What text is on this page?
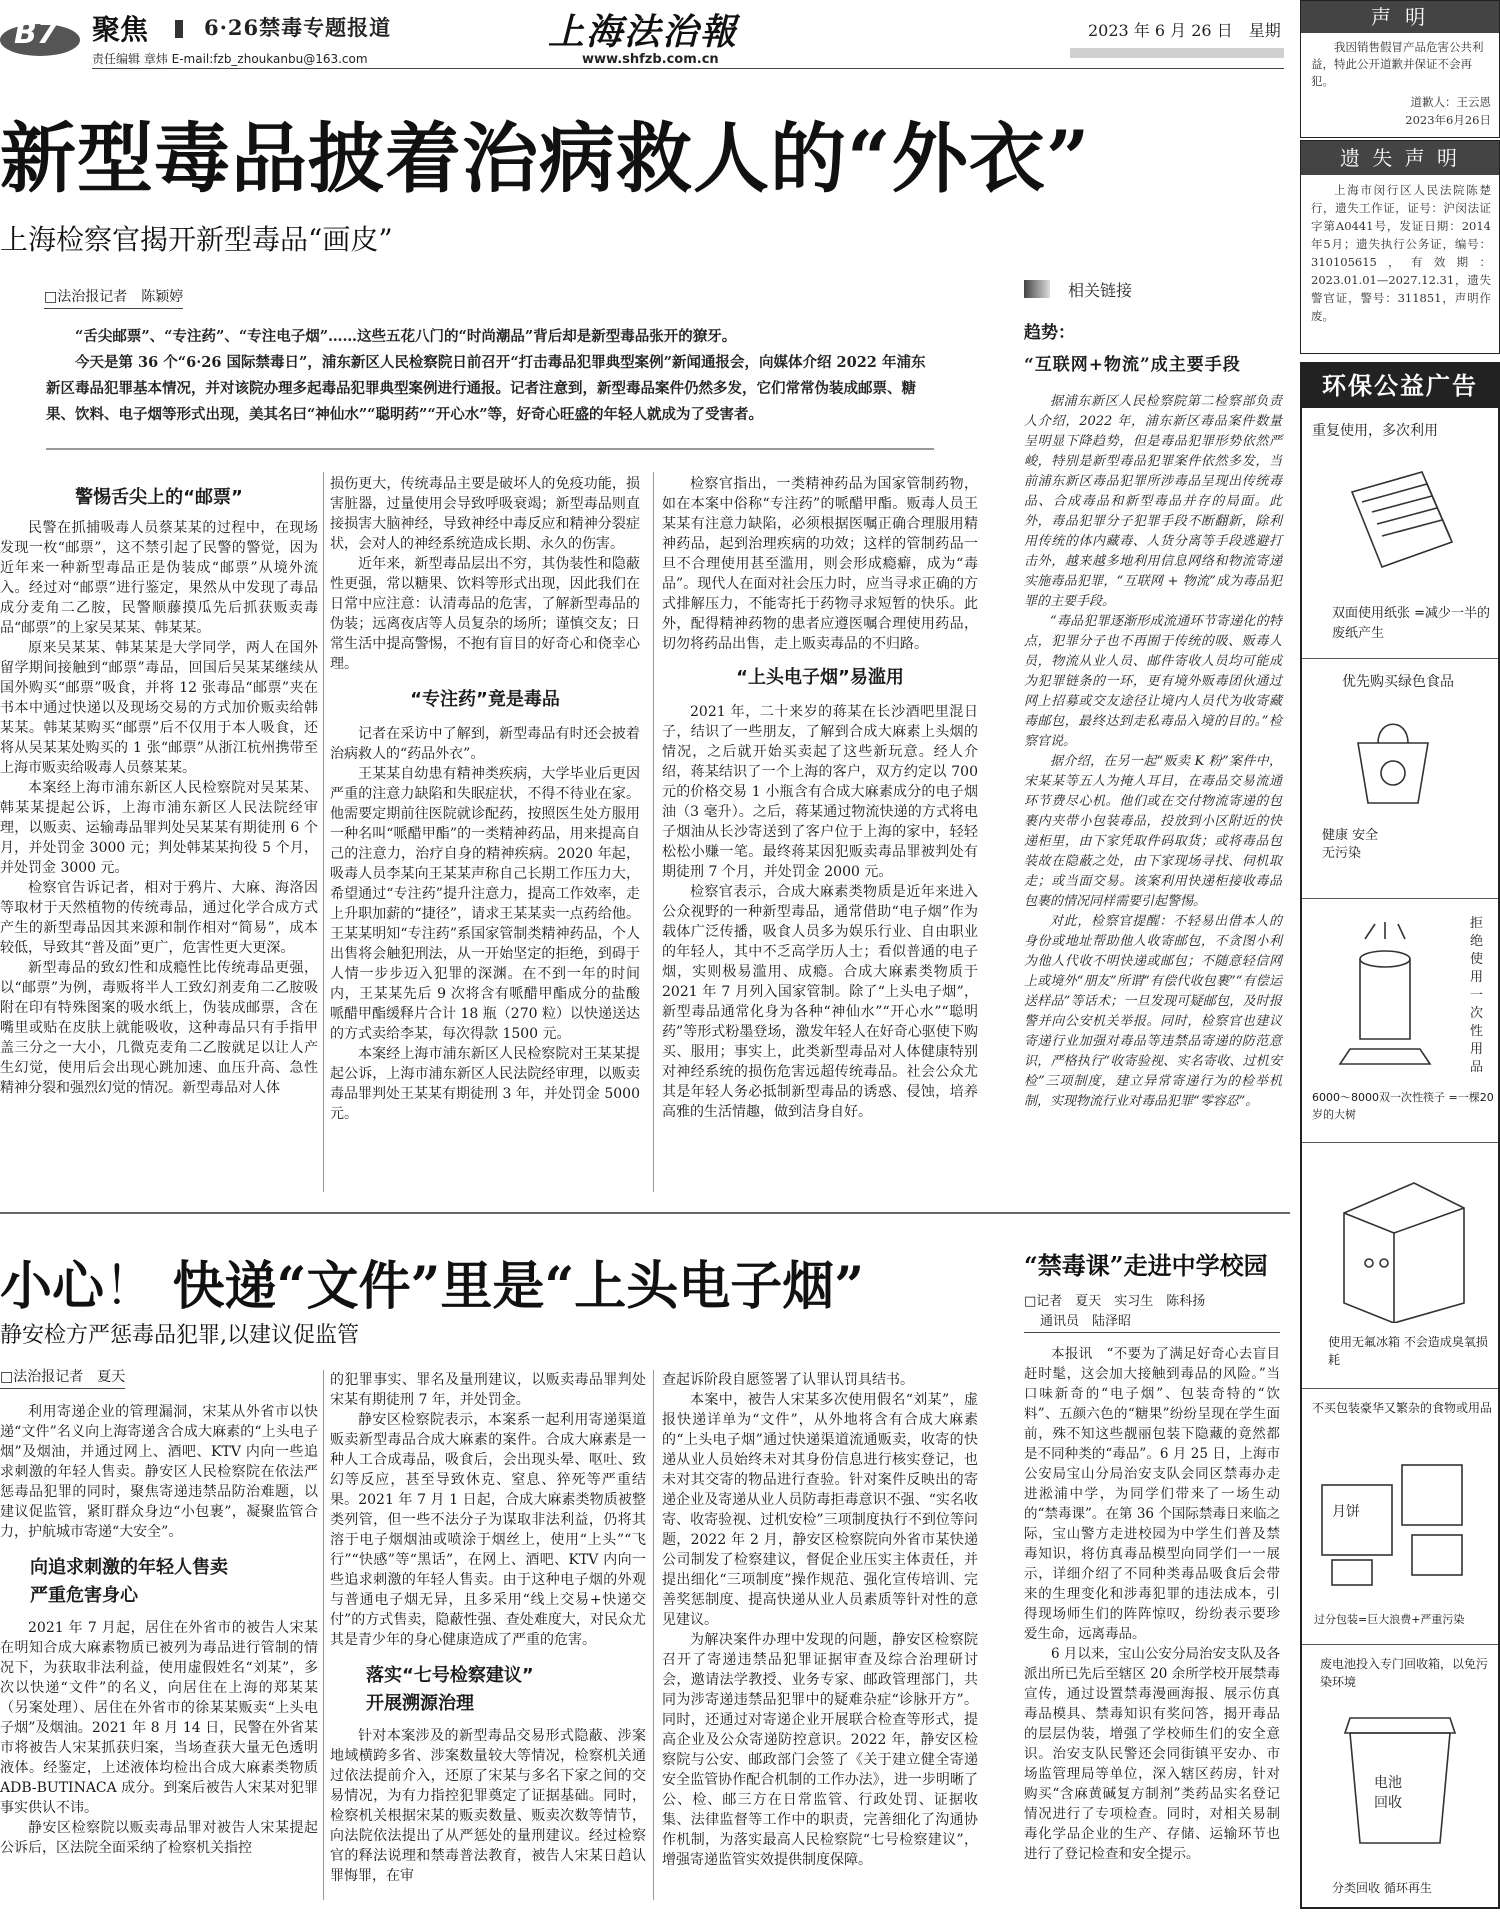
B7 聚焦	6·26禁毒专题报道
责任编辑 章炜 E-mail:fzb_zhoukanbu@163.com
上海法治報
www.shfzb.com.cn
2023 年 6 月 26 日　星期
声 明
我因销售假冒产品危害公共利益，特此公开道歉并保证不会再犯。
道歉人：王云恩
2023年6月26日
遗 失 声 明
上海市闵行区人民法院陈楚行，遗失工作证，证号：沪闵法证字第A0441号，发证日期：2014年5月；遗失执行公务证，编号：310105615，有效期：2023.01.01—2027.12.31，遗失警官证，警号：311851，声明作废。
环保公益广告
重复使用，多次利用
双面使用纸张 =减少一半的废纸产生
优先购买绿色食品
健康 安全 无污染
拒绝使用一次性用品
6000～8000双一次性筷子 =一棵20岁的大树
使用无氟冰箱 不会造成臭氧损耗
不买包装豪华又繁杂的食物或用品
月饼
过分包装=巨大浪费+严重污染
废电池投入专门回收箱，以免污染环境
电池 回收
分类回收 循环再生
新型毒品披着治病救人的“外衣”
上海检察官揭开新型毒品“画皮”
□法治报记者　陈颖婷

“舌尖邮票”、“专注药”、“专注电子烟”……这些五花八门的“时尚潮品”背后却是新型毒品张开的獠牙。

今天是第 36 个“6·26 国际禁毒日”，浦东新区人民检察院日前召开“打击毒品犯罪典型案例”新闻通报会，向媒体介绍 2022 年浦东新区毒品犯罪基本情况，并对该院办理多起毒品犯罪典型案例进行通报。记者注意到，新型毒品案件仍然多发，它们常常伪装成邮票、糖果、饮料、电子烟等形式出现，美其名曰“神仙水”“聪明药”“开心水”等，好奇心旺盛的年轻人就成为了受害者。

警惕舌尖上的“邮票”

民警在抓捕吸毒人员蔡某某的过程中，在现场发现一枚“邮票”，这不禁引起了民警的警觉，因为近年来一种新型毒品正是伪装成“邮票”从境外流入。经过对“邮票”进行鉴定，果然从中发现了毒品成分麦角二乙胺，民警顺藤摸瓜先后抓获贩卖毒品“邮票”的上家吴某某、韩某某。

原来吴某某、韩某某是大学同学，两人在国外留学期间接触到“邮票”毒品，回国后吴某某继续从国外购买“邮票”吸食，并将 12 张毒品“邮票”夹在书本中通过快递以及现场交易的方式加价贩卖给韩某某。韩某某购买“邮票”后不仅用于本人吸食，还将从吴某某处购买的 1 张“邮票”从浙江杭州携带至上海市贩卖给吸毒人员蔡某某。

本案经上海市浦东新区人民检察院对吴某某、韩某某提起公诉，上海市浦东新区人民法院经审理，以贩卖、运输毒品罪判处吴某某有期徒刑 6 个月，并处罚金 3000 元；判处韩某某拘役 5 个月，并处罚金 3000 元。

检察官告诉记者，相对于鸦片、大麻、海洛因等取材于天然植物的传统毒品，通过化学合成方式产生的新型毒品因其来源和制作相对“简易”，成本较低，导致其“普及面”更广，危害性更大更深。

新型毒品的致幻性和成瘾性比传统毒品更强，以“邮票”为例，毒贩将半人工致幻剂麦角二乙胺吸附在印有特殊图案的吸水纸上，伪装成邮票，含在嘴里或贴在皮肤上就能吸收，这种毒品只有手指甲盖三分之一大小，几微克麦角二乙胺就足以让人产生幻觉，使用后会出现心跳加速、血压升高、急性精神分裂和强烈幻觉的情况。新型毒品对人体

损伤更大，传统毒品主要是破坏人的免疫功能，损害脏器，过量使用会导致呼吸衰竭；新型毒品则直接损害大脑神经，导致神经中毒反应和精神分裂症状，会对人的神经系统造成长期、永久的伤害。

近年来，新型毒品层出不穷，其伪装性和隐蔽性更强，常以糖果、饮料等形式出现，因此我们在日常中应注意：认清毒品的危害，了解新型毒品的伪装；远离夜店等人员复杂的场所；谨慎交友；日常生活中提高警惕，不抱有盲目的好奇心和侥幸心理。

“专注药”竟是毒品

记者在采访中了解到，新型毒品有时还会披着治病救人的“药品外衣”。

王某某自幼患有精神类疾病，大学毕业后更因严重的注意力缺陷和失眠症状，不得不待业在家。他需要定期前往医院就诊配药，按照医生处方服用一种名叫“哌醋甲酯”的一类精神药品，用来提高自己的注意力，治疗自身的精神疾病。2020 年起，吸毒人员李某向王某某声称自己长期工作压力大，希望通过“专注药”提升注意力，提高工作效率，走上升职加薪的“捷径”，请求王某某卖一点药给他。王某某明知“专注药”系国家管制类精神药品，个人出售将会触犯刑法，从一开始坚定的拒绝，到碍于人情一步步迈入犯罪的深渊。在不到一年的时间内，王某某先后 9 次将含有哌醋甲酯成分的盐酸哌醋甲酯缓释片合计 18 瓶（270 粒）以快递送达的方式卖给李某，每次得款 1500 元。

本案经上海市浦东新区人民检察院对王某某提起公诉，上海市浦东新区人民法院经审理，以贩卖毒品罪判处王某某有期徒刑 3 年，并处罚金 5000 元。

检察官指出，一类精神药品为国家管制药物，如在本案中俗称“专注药”的哌醋甲酯。贩毒人员王某某有注意力缺陷，必须根据医嘱正确合理服用精神药品，起到治理疾病的功效；这样的管制药品一旦不合理使用甚至滥用，则会形成瘾癖，成为“毒品”。现代人在面对社会压力时，应当寻求正确的方式排解压力，不能寄托于药物寻求短暂的快乐。此外，配得精神药物的患者应遵医嘱合理使用药品，切勿将药品出售，走上贩卖毒品的不归路。

“上头电子烟”易滥用

2021 年，二十来岁的蒋某在长沙酒吧里混日子，结识了一些朋友，了解到合成大麻素上头烟的情况，之后就开始买卖起了这些新玩意。经人介绍，蒋某结识了一个上海的客户，双方约定以 700 元的价格交易 1 小瓶含有合成大麻素成分的电子烟油（3 毫升）。之后，蒋某通过物流快递的方式将电子烟油从长沙寄送到了客户位于上海的家中，轻轻松松小赚一笔。最终蒋某因犯贩卖毒品罪被判处有期徒刑 7 个月，并处罚金 2000 元。

检察官表示，合成大麻素类物质是近年来进入公众视野的一种新型毒品，通常借助“电子烟”作为载体广泛传播，吸食人员多为娱乐行业、自由职业的年轻人，其中不乏高学历人士；看似普通的电子烟，实则极易滥用、成瘾。合成大麻素类物质于 2021 年 7 月列入国家管制。除了“上头电子烟”，新型毒品通常化身为各种“神仙水”“开心水”“聪明药”等形式粉墨登场，激发年轻人在好奇心驱使下购买、服用；事实上，此类新型毒品对人体健康特别对神经系统的损伤危害远超传统毒品。社会公众尤其是年轻人务必抵制新型毒品的诱惑、侵蚀，培养高雅的生活情趣，做到洁身自好。

相关链接
趋势：
“互联网+物流”成主要手段

据浦东新区人民检察院第二检察部负责人介绍，2022 年，浦东新区毒品案件数量呈明显下降趋势，但是毒品犯罪形势依然严峻，特别是新型毒品犯罪案件依然多发，当前浦东新区毒品犯罪所涉毒品呈现出传统毒品、合成毒品和新型毒品并存的局面。此外，毒品犯罪分子犯罪手段不断翻新，除利用传统的体内藏毒、人货分离等手段逃避打击外，越来越多地利用信息网络和物流寄递实施毒品犯罪，“互联网 + 物流”成为毒品犯罪的主要手段。

“毒品犯罪逐渐形成流通环节寄递化的特点，犯罪分子也不再囿于传统的吸、贩毒人员，物流从业人员、邮件寄收人员均可能成为犯罪链条的一环，更有境外贩毒团伙通过网上招募或交友途径让境内人员代为收寄藏毒邮包，最终达到走私毒品入境的目的。”检察官说。

据介绍，在另一起“贩卖 K 粉”案件中，宋某某等五人为掩人耳目，在毒品交易流通环节费尽心机。他们或在交付物流寄递的包裹内夹带小包装毒品，投放到小区附近的快递柜里，由下家凭取件码取货；或将毒品包装故在隐蔽之处，由下家现场寻找、伺机取走；或当面交易。该案利用快递柜接收毒品包裹的情况同样需要引起警惕。

对此，检察官提醒：不轻易出借本人的身份或地址帮助他人收寄邮包，不贪图小利为他人代收不明快递或邮包；不随意轻信网上或境外“朋友”所谓“有偿代收包裹”“有偿运送样品”等话术；一旦发现可疑邮包，及时报警并向公安机关举报。同时，检察官也建议寄递行业加强对毒品等违禁品寄递的防范意识，严格执行“收寄验视、实名寄收、过机安检”三项制度，建立异常寄递行为的检举机制，实现物流行业对毒品犯罪“零容忍”。

小心！ 快递“文件”里是“上头电子烟”
静安检方严惩毒品犯罪,以建议促监管
□法治报记者　夏天

利用寄递企业的管理漏洞，宋某从外省市以快递“文件”名义向上海寄递含合成大麻素的“上头电子烟”及烟油，并通过网上、酒吧、KTV 内向一些追求刺激的年轻人售卖。静安区人民检察院在依法严惩毒品犯罪的同时，聚焦寄递违禁品防治难题，以建议促监管，紧盯群众身边“小包裹”，凝聚监管合力，护航城市寄递“大安全”。

向追求刺激的年轻人售卖
严重危害身心

2021 年 7 月起，居住在外省市的被告人宋某在明知合成大麻素物质已被列为毒品进行管制的情况下，为获取非法利益，使用虚假姓名“刘某”，多次以快递“文件”的名义，向居住在上海的郑某某（另案处理）、居住在外省市的徐某某贩卖“上头电子烟”及烟油。2021 年 8 月 14 日，民警在外省某市将被告人宋某抓获归案，当场查获大量无色透明液体。经鉴定，上述液体均检出合成大麻素类物质 ADB-BUTINACA 成分。到案后被告人宋某对犯罪事实供认不讳。

静安区检察院以贩卖毒品罪对被告人宋某提起公诉后，区法院全面采纳了检察机关指控

的犯罪事实、罪名及量刑建议，以贩卖毒品罪判处宋某有期徒刑 7 年，并处罚金。

静安区检察院表示，本案系一起利用寄递渠道贩卖新型毒品合成大麻素的案件。合成大麻素是一种人工合成毒品，吸食后，会出现头晕、呕吐、致幻等反应，甚至导致休克、窒息、猝死等严重结果。2021 年 7 月 1 日起，合成大麻素类物质被整类列管，但一些不法分子为谋取非法利益，仍将其溶于电子烟烟油或喷涂于烟丝上，使用“上头”“飞行”“快感”等“黑话”，在网上、酒吧、KTV 内向一些追求刺激的年轻人售卖。由于这种电子烟的外观与普通电子烟无异，且多采用“线上交易+快递交付”的方式售卖，隐蔽性强、查处难度大，对民众尤其是青少年的身心健康造成了严重的危害。

落实“七号检察建议”
开展溯源治理

针对本案涉及的新型毒品交易形式隐蔽、涉案地域横跨多省、涉案数量较大等情况，检察机关通过依法提前介入，还原了宋某与多名下家之间的交易情况，为有力指控犯罪奠定了证据基础。同时，检察机关根据宋某的贩卖数量、贩卖次数等情节，向法院依法提出了从严惩处的量刑建议。经过检察官的释法说理和禁毒普法教育，被告人宋某日趋认罪悔罪，在审

查起诉阶段自愿签署了认罪认罚具结书。

本案中，被告人宋某多次使用假名“刘某”，虚报快递详单为“文件”，从外地将含有合成大麻素的“上头电子烟”通过快递渠道流通贩卖，收寄的快递从业人员始终未对其身份信息进行核实登记，也未对其交寄的物品进行查验。针对案件反映出的寄递企业及寄递从业人员防毒拒毒意识不强、“实名收寄、收寄验视、过机安检”三项制度执行不到位等问题，2022 年 2 月，静安区检察院向外省市某快递公司制发了检察建议，督促企业压实主体责任，并提出细化“三项制度”操作规范、强化宣传培训、完善奖惩制度、提高快递从业人员素质等针对性的意见建议。

为解决案件办理中发现的问题，静安区检察院召开了寄递违禁品犯罪证据审查及综合治理研讨会，邀请法学教授、业务专家、邮政管理部门，共同为涉寄递违禁品犯罪中的疑难杂症“诊脉开方”。同时，还通过对寄递企业开展联合检查等形式，提高企业及公众寄递防控意识。2022 年，静安区检察院与公安、邮政部门会签了《关于建立健全寄递安全监管协作配合机制的工作办法》，进一步明晰了公、检、邮三方在日常监管、行政处罚、证据收集、法律监督等工作中的职责，完善细化了沟通协作机制，为落实最高人民检察院“七号检察建议”，增强寄递监管实效提供制度保障。

“禁毒课”走进中学校园
□记者　夏天　实习生　陈科扬
通讯员　陆泽昭

本报讯　“不要为了满足好奇心去盲目赶时髦，这会加大接触到毒品的风险。”当口味新奇的“电子烟”、包装奇特的“饮料”、五颜六色的“糖果”纷纷呈现在学生面前，殊不知这些靓丽包装下隐藏的竟然都是不同种类的“毒品”。6 月 25 日，上海市公安局宝山分局治安支队会同区禁毒办走进淞浦中学，为同学们带来了一场生动的“禁毒课”。在第 36 个国际禁毒日来临之际，宝山警方走进校园为中学生们普及禁毒知识，将仿真毒品模型向同学们一一展示，详细介绍了不同种类毒品吸食后会带来的生理变化和涉毒犯罪的违法成本，引得现场师生们的阵阵惊叹，纷纷表示要珍爱生命，远离毒品。

6 月以来，宝山公安分局治安支队及各派出所已先后至辖区 20 余所学校开展禁毒宣传，通过设置禁毒漫画海报、展示仿真毒品模具、禁毒知识有奖问答，揭开毒品的层层伪装，增强了学校师生们的安全意识。治安支队民警还会同街镇平安办、市场监管理局等单位，深入辖区药房，针对购买“含麻黄碱复方制剂”类药品实名登记情况进行了专项检查。同时，对相关易制毒化学品企业的生产、存储、运输环节也进行了登记检查和安全提示。
